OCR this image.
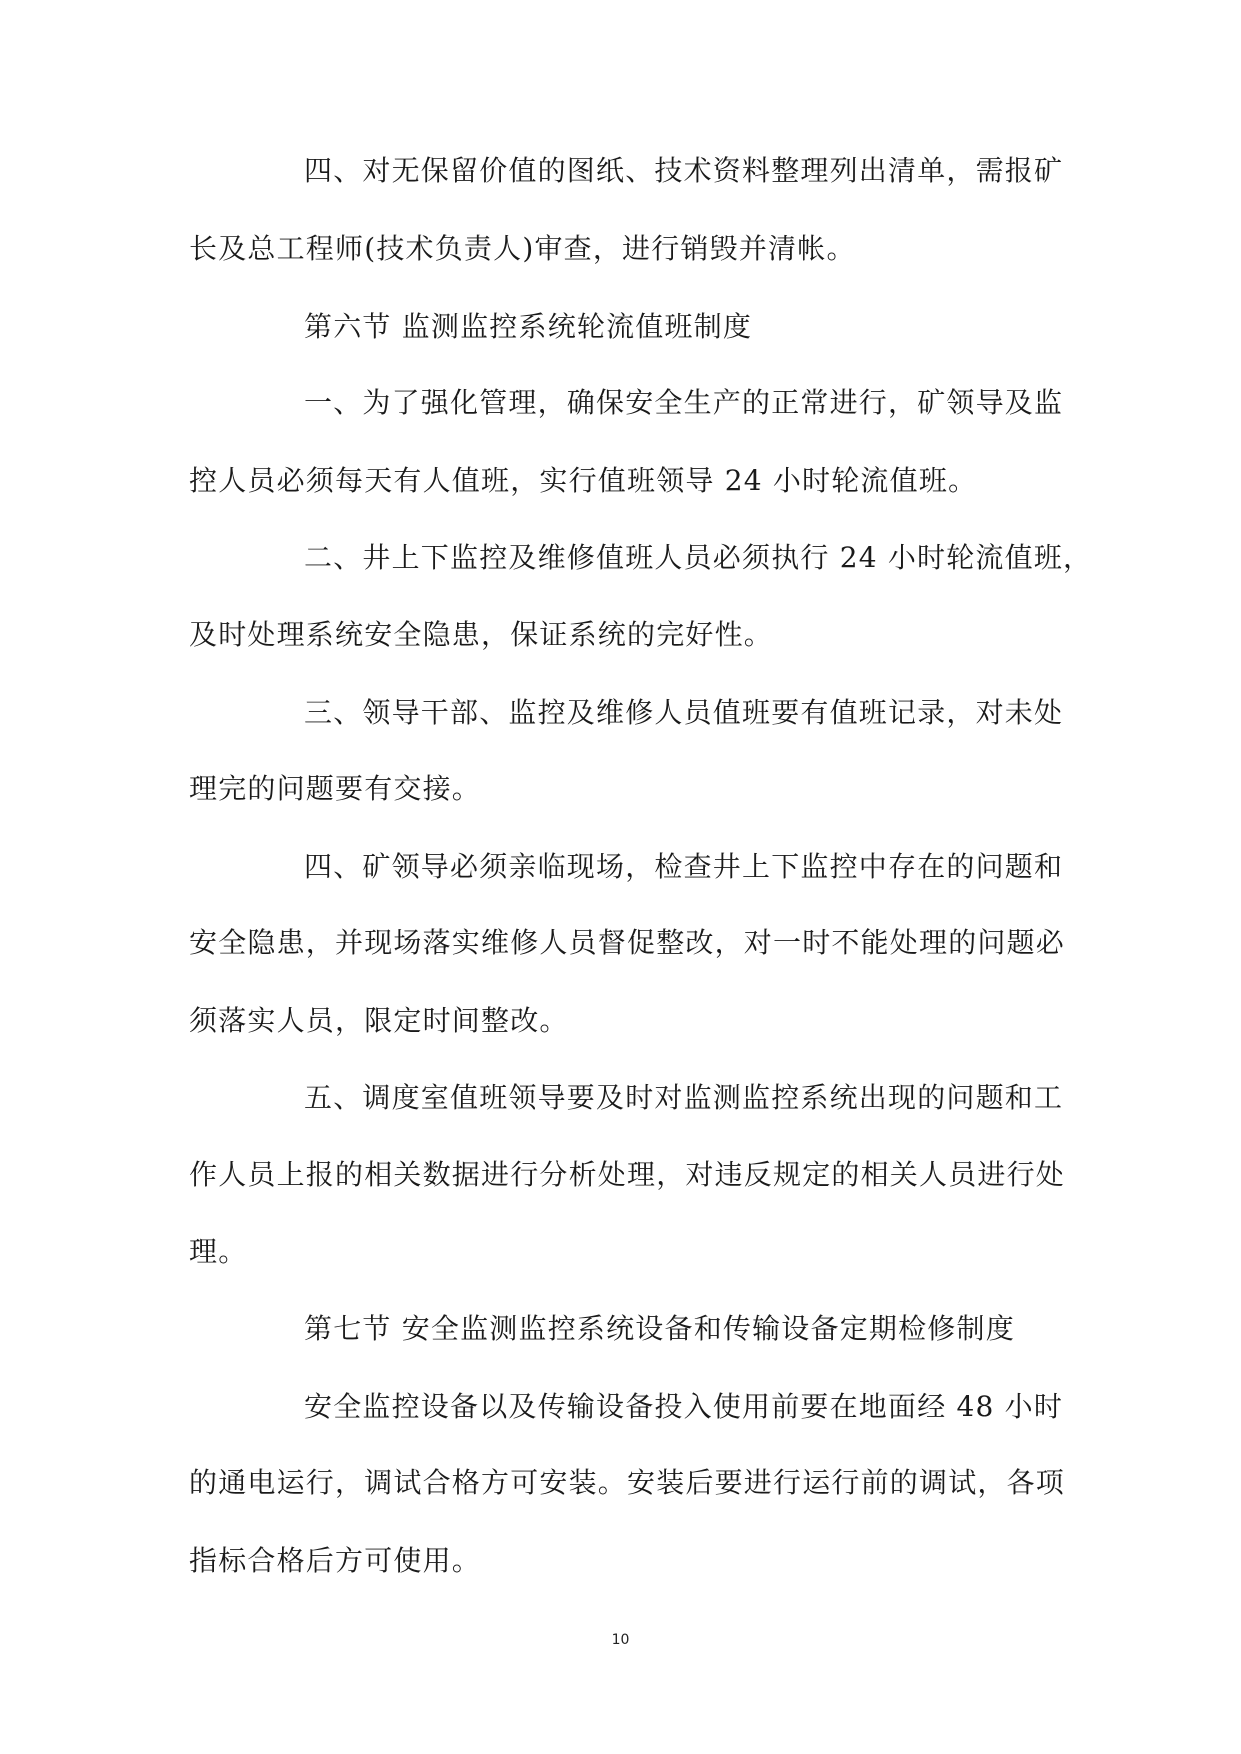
四、对无保留价值的图纸、技术资料整理列出清单，需报矿
长及总工程师(技术负责人)审查，进行销毁并清帐。
第六节 监测监控系统轮流值班制度
一、为了强化管理，确保安全生产的正常进行，矿领导及监
控人员必须每天有人值班，实行值班领导 24 小时轮流值班。
二、井上下监控及维修值班人员必须执行 24 小时轮流值班，
及时处理系统安全隐患，保证系统的完好性。
三、领导干部、监控及维修人员值班要有值班记录，对未处
理完的问题要有交接。
四、矿领导必须亲临现场，检查井上下监控中存在的问题和
安全隐患，并现场落实维修人员督促整改，对一时不能处理的问题必
须落实人员，限定时间整改。
五、调度室值班领导要及时对监测监控系统出现的问题和工
作人员上报的相关数据进行分析处理，对违反规定的相关人员进行处
理。
第七节 安全监测监控系统设备和传输设备定期检修制度
安全监控设备以及传输设备投入使用前要在地面经 48 小时
的通电运行，调试合格方可安装。安装后要进行运行前的调试，各项
指标合格后方可使用。
10
